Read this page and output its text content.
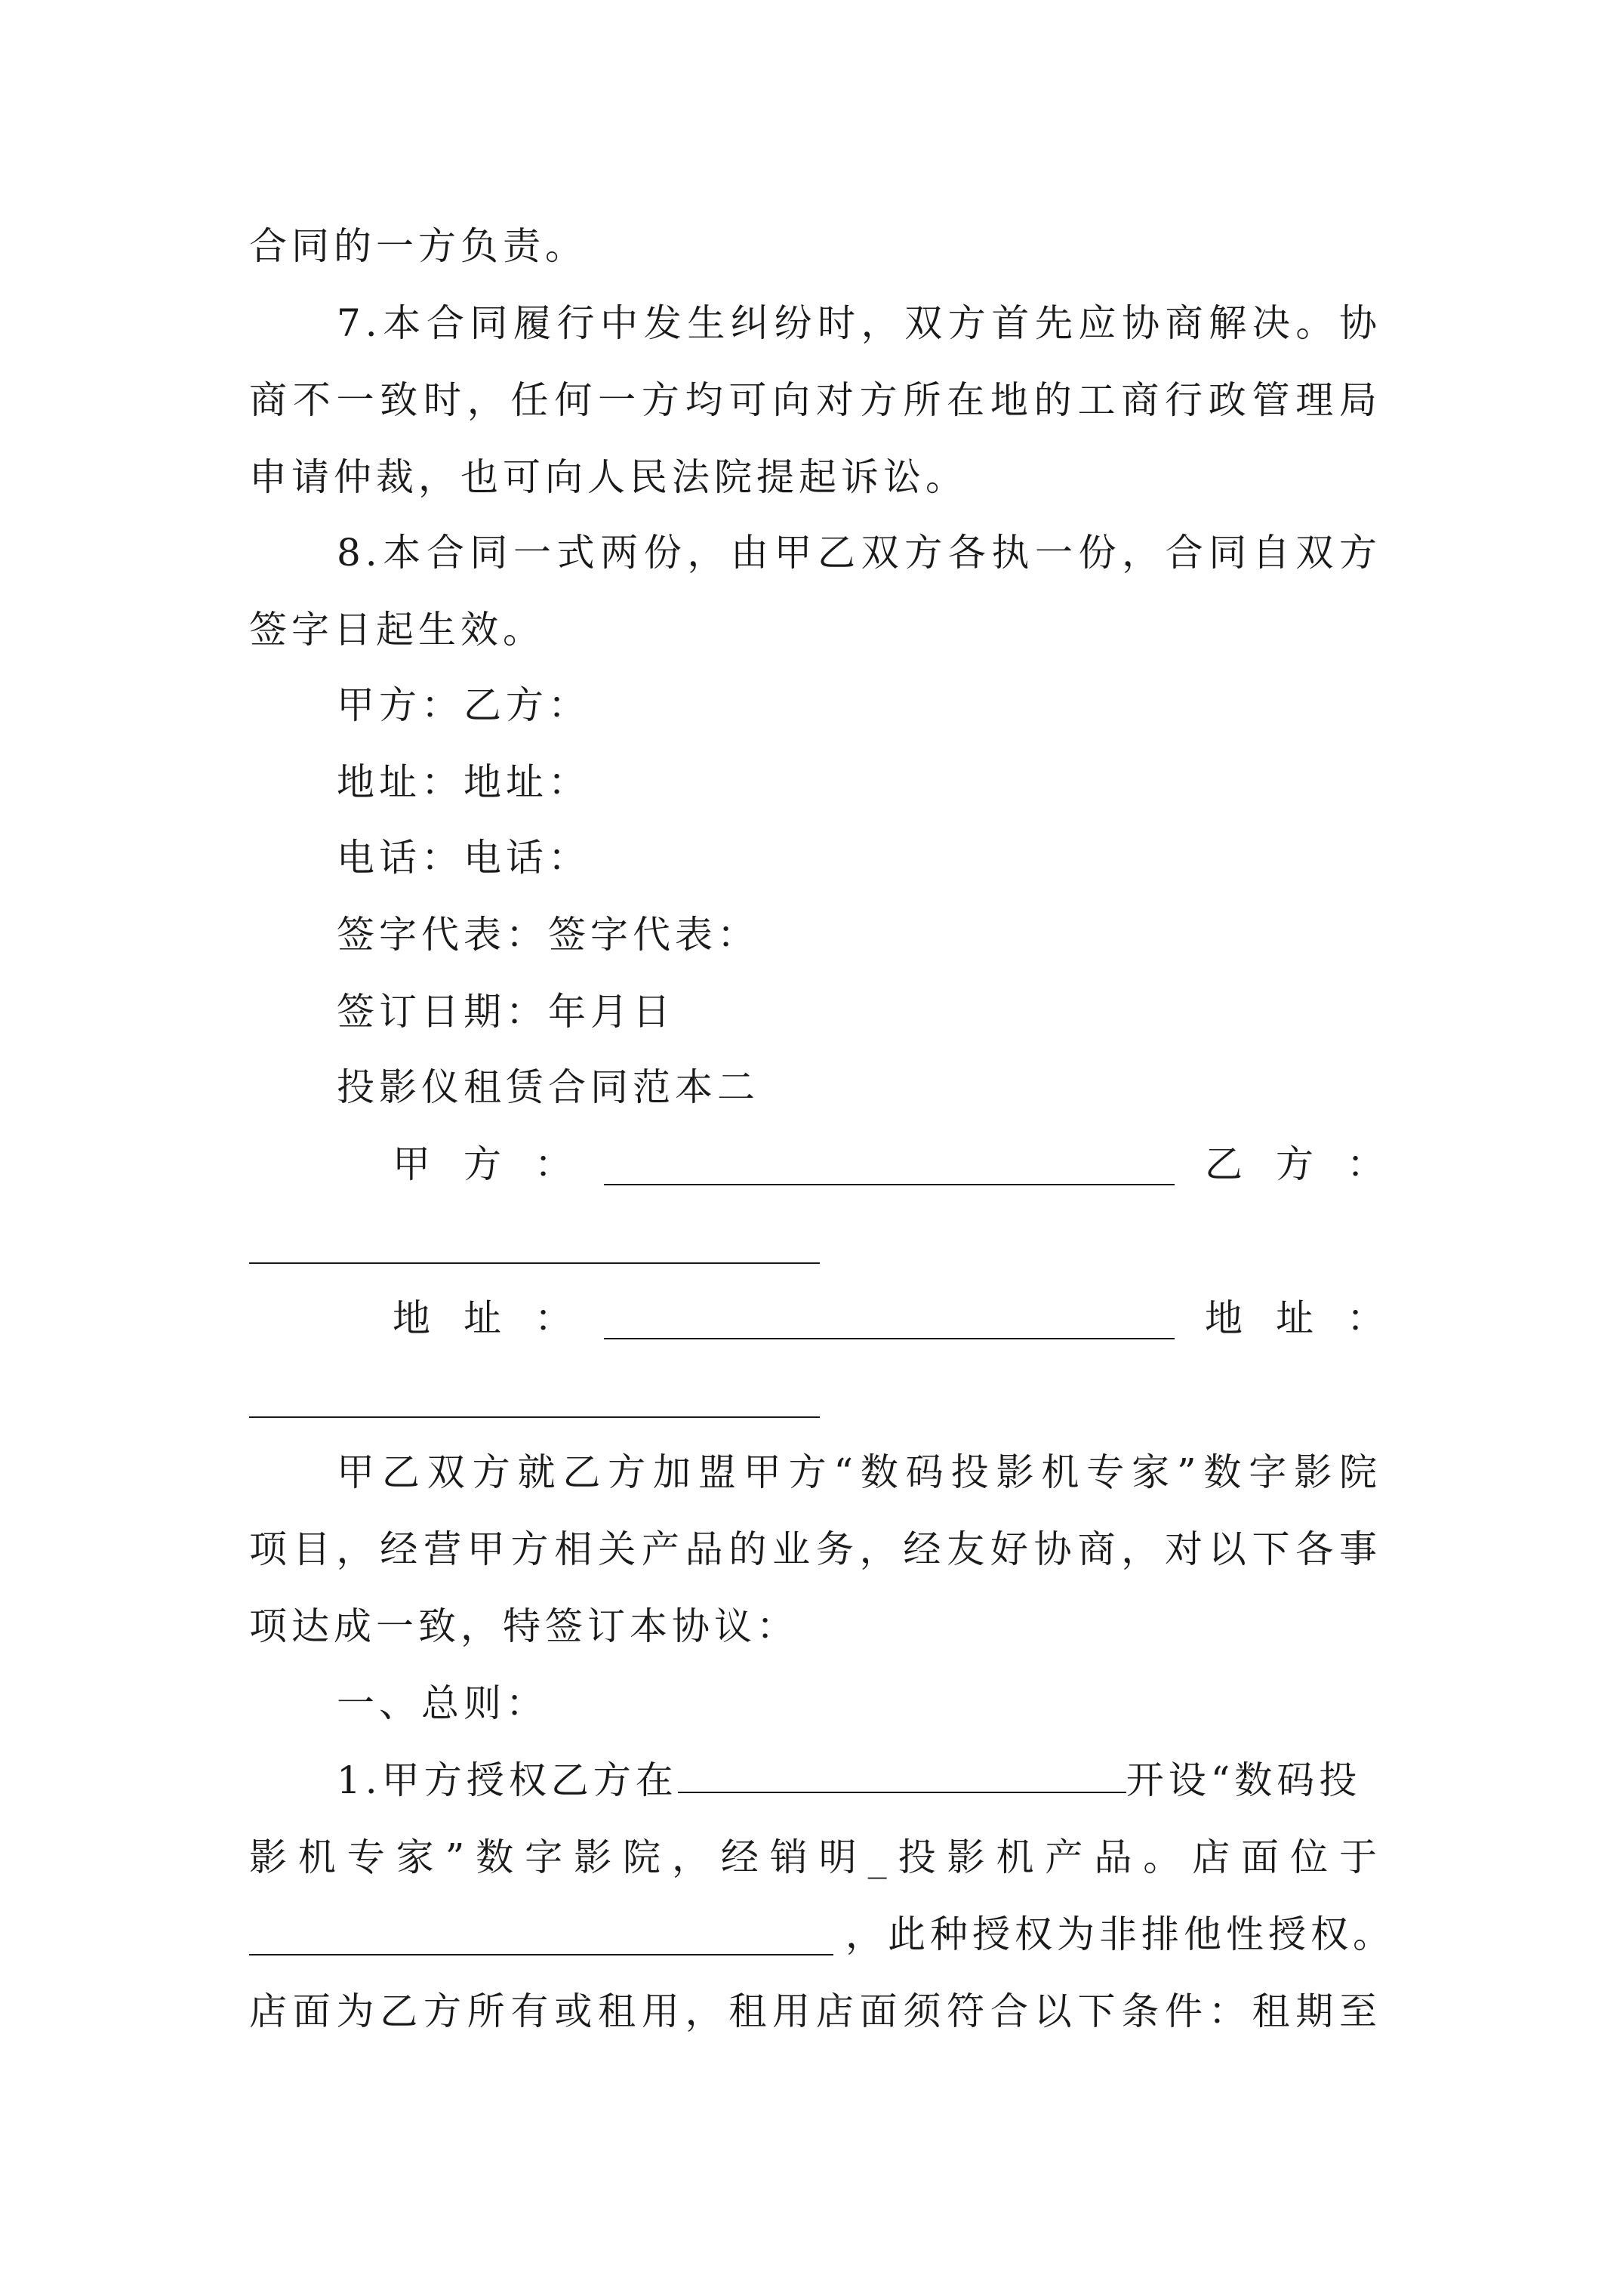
合同的一方负责。
7.本合同履行中发生纠纷时，双方首先应协商解决。协
商不一致时，任何一方均可向对方所在地的工商行政管理局
申请仲裁，也可向人民法院提起诉讼。
8.本合同一式两份，由甲乙双方各执一份，合同自双方
签字日起生效。
甲方：乙方：
地址：地址：
电话：电话：
签字代表：签字代表：
签订日期：年月日
投影仪租赁合同范本二
甲方：	乙方：
地址：	地址：
甲乙双方就乙方加盟甲方“数码投影机专家”数字影院
项目，经营甲方相关产品的业务，经友好协商，对以下各事
项达成一致，特签订本协议：
一、总则：
1.甲方授权乙方在	开设“数码投
影机专家”数字影院，经销明_投影机产品。店面位于
，此种授权为非排他性授权。
店面为乙方所有或租用，租用店面须符合以下条件：租期至
